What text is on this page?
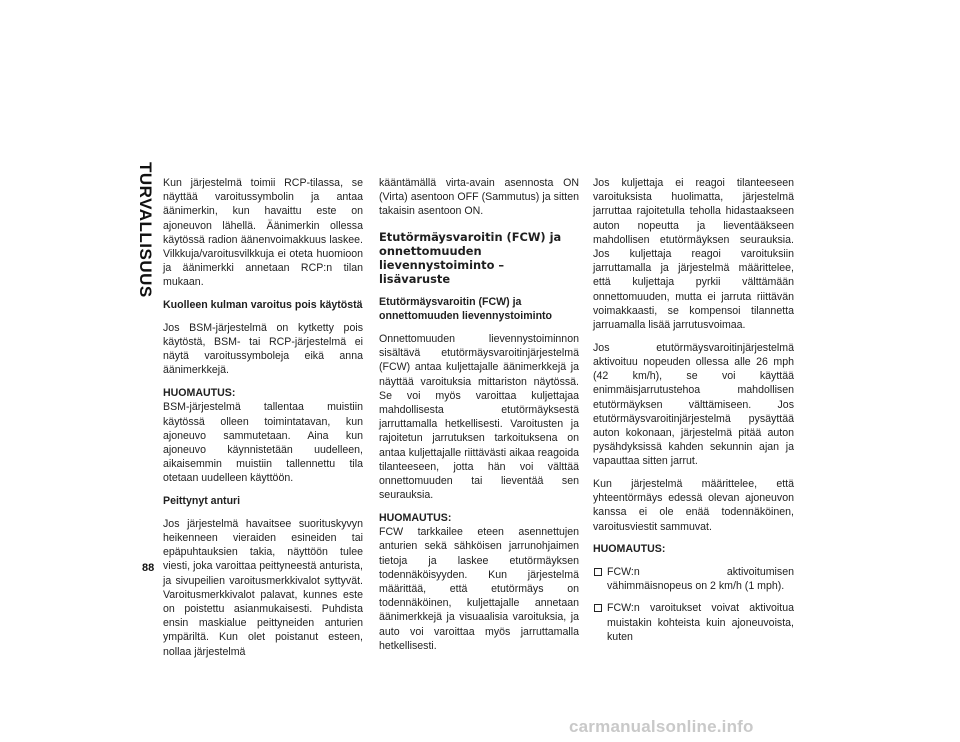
TURVALLISUUS
88

Kun järjestelmä toimii RCP-tilassa, se näyttää varoitussymbolin ja antaa äänimerkin, kun havaittu este on ajoneuvon lähellä. Äänimerkin ollessa käytössä radion äänenvoimakkuus laskee. Vilkkuja/varoitusvilkkuja ei oteta huomioon ja äänimerkki annetaan RCP:n tilan mukaan.

Kuolleen kulman varoitus pois käytöstä

Jos BSM-järjestelmä on kytketty pois käytöstä, BSM- tai RCP-järjestelmä ei näytä varoitussymboleja eikä anna äänimerkkejä.

HUOMAUTUS:
BSM-järjestelmä tallentaa muistiin käytössä olleen toimintatavan, kun ajoneuvo sammutetaan. Aina kun ajoneuvo käynnistetään uudelleen, aikaisemmin muistiin tallennettu tila otetaan uudelleen käyttöön.

Peittynyt anturi

Jos järjestelmä havaitsee suorituskyvyn heikenneen vieraiden esineiden tai epäpuhtauksien takia, näyttöön tulee viesti, joka varoittaa peittyneestä anturista, ja sivupeilien varoitusmerkkivalot syttyvät. Varoitusmerkkivalot palavat, kunnes este on poistettu asianmukaisesti. Puhdista ensin maskialue peittyneiden anturien ympäriltä. Kun olet poistanut esteen, nollaa järjestelmä

kääntämällä virta-avain asennosta ON (Virta) asentoon OFF (Sammutus) ja sitten takaisin asentoon ON.

Etutörmäysvaroitin (FCW) ja onnettomuuden lievennystoiminto – lisävaruste

Etutörmäysvaroitin (FCW) ja onnettomuuden lievennystoiminto

Onnettomuuden lievennystoiminnon sisältävä etutörmäysvaroitinjärjestelmä (FCW) antaa kuljettajalle äänimerkkejä ja näyttää varoituksia mittariston näytössä. Se voi myös varoittaa kuljettajaa mahdollisesta etutörmäyksestä jarruttamalla hetkellisesti. Varoitusten ja rajoitetun jarrutuksen tarkoituksena on antaa kuljettajalle riittävästi aikaa reagoida tilanteeseen, jotta hän voi välttää onnettomuuden tai lieventää sen seurauksia.

HUOMAUTUS:
FCW tarkkailee eteen asennettujen anturien sekä sähköisen jarrunohjaimen tietoja ja laskee etutörmäyksen todennäköisyyden. Kun järjestelmä määrittää, että etutörmäys on todennäköinen, kuljettajalle annetaan äänimerkkejä ja visuaalisia varoituksia, ja auto voi varoittaa myös jarruttamalla hetkellisesti.

Jos kuljettaja ei reagoi tilanteeseen varoituksista huolimatta, järjestelmä jarruttaa rajoitetulla teholla hidastaakseen auton nopeutta ja lieventääkseen mahdollisen etutörmäyksen seurauksia. Jos kuljettaja reagoi varoituksiin jarruttamalla ja järjestelmä määrittelee, että kuljettaja pyrkii välttämään onnettomuuden, mutta ei jarruta riittävän voimakkaasti, se kompensoi tilannetta jarruamalla lisää jarrutusvoimaa.

Jos etutörmäysvaroitinjärjestelmä aktivoituu nopeuden ollessa alle 26 mph (42 km/h), se voi käyttää enimmäisjarrutustehoa mahdollisen etutörmäyksen välttämiseen. Jos etutörmäysvaroitinjärjestelmä pysäyttää auton kokonaan, järjestelmä pitää auton pysähdyksissä kahden sekunnin ajan ja vapauttaa sitten jarrut.

Kun järjestelmä määrittelee, että yhteentörmäys edessä olevan ajoneuvon kanssa ei ole enää todennäköinen, varoitusviestit sammuvat.

HUOMAUTUS:

FCW:n aktivoitumisen vähimmäisnopeus on 2 km/h (1 mph).
FCW:n varoitukset voivat aktivoitua muistakin kohteista kuin ajoneuvoista, kuten
carmanualsonline.info
